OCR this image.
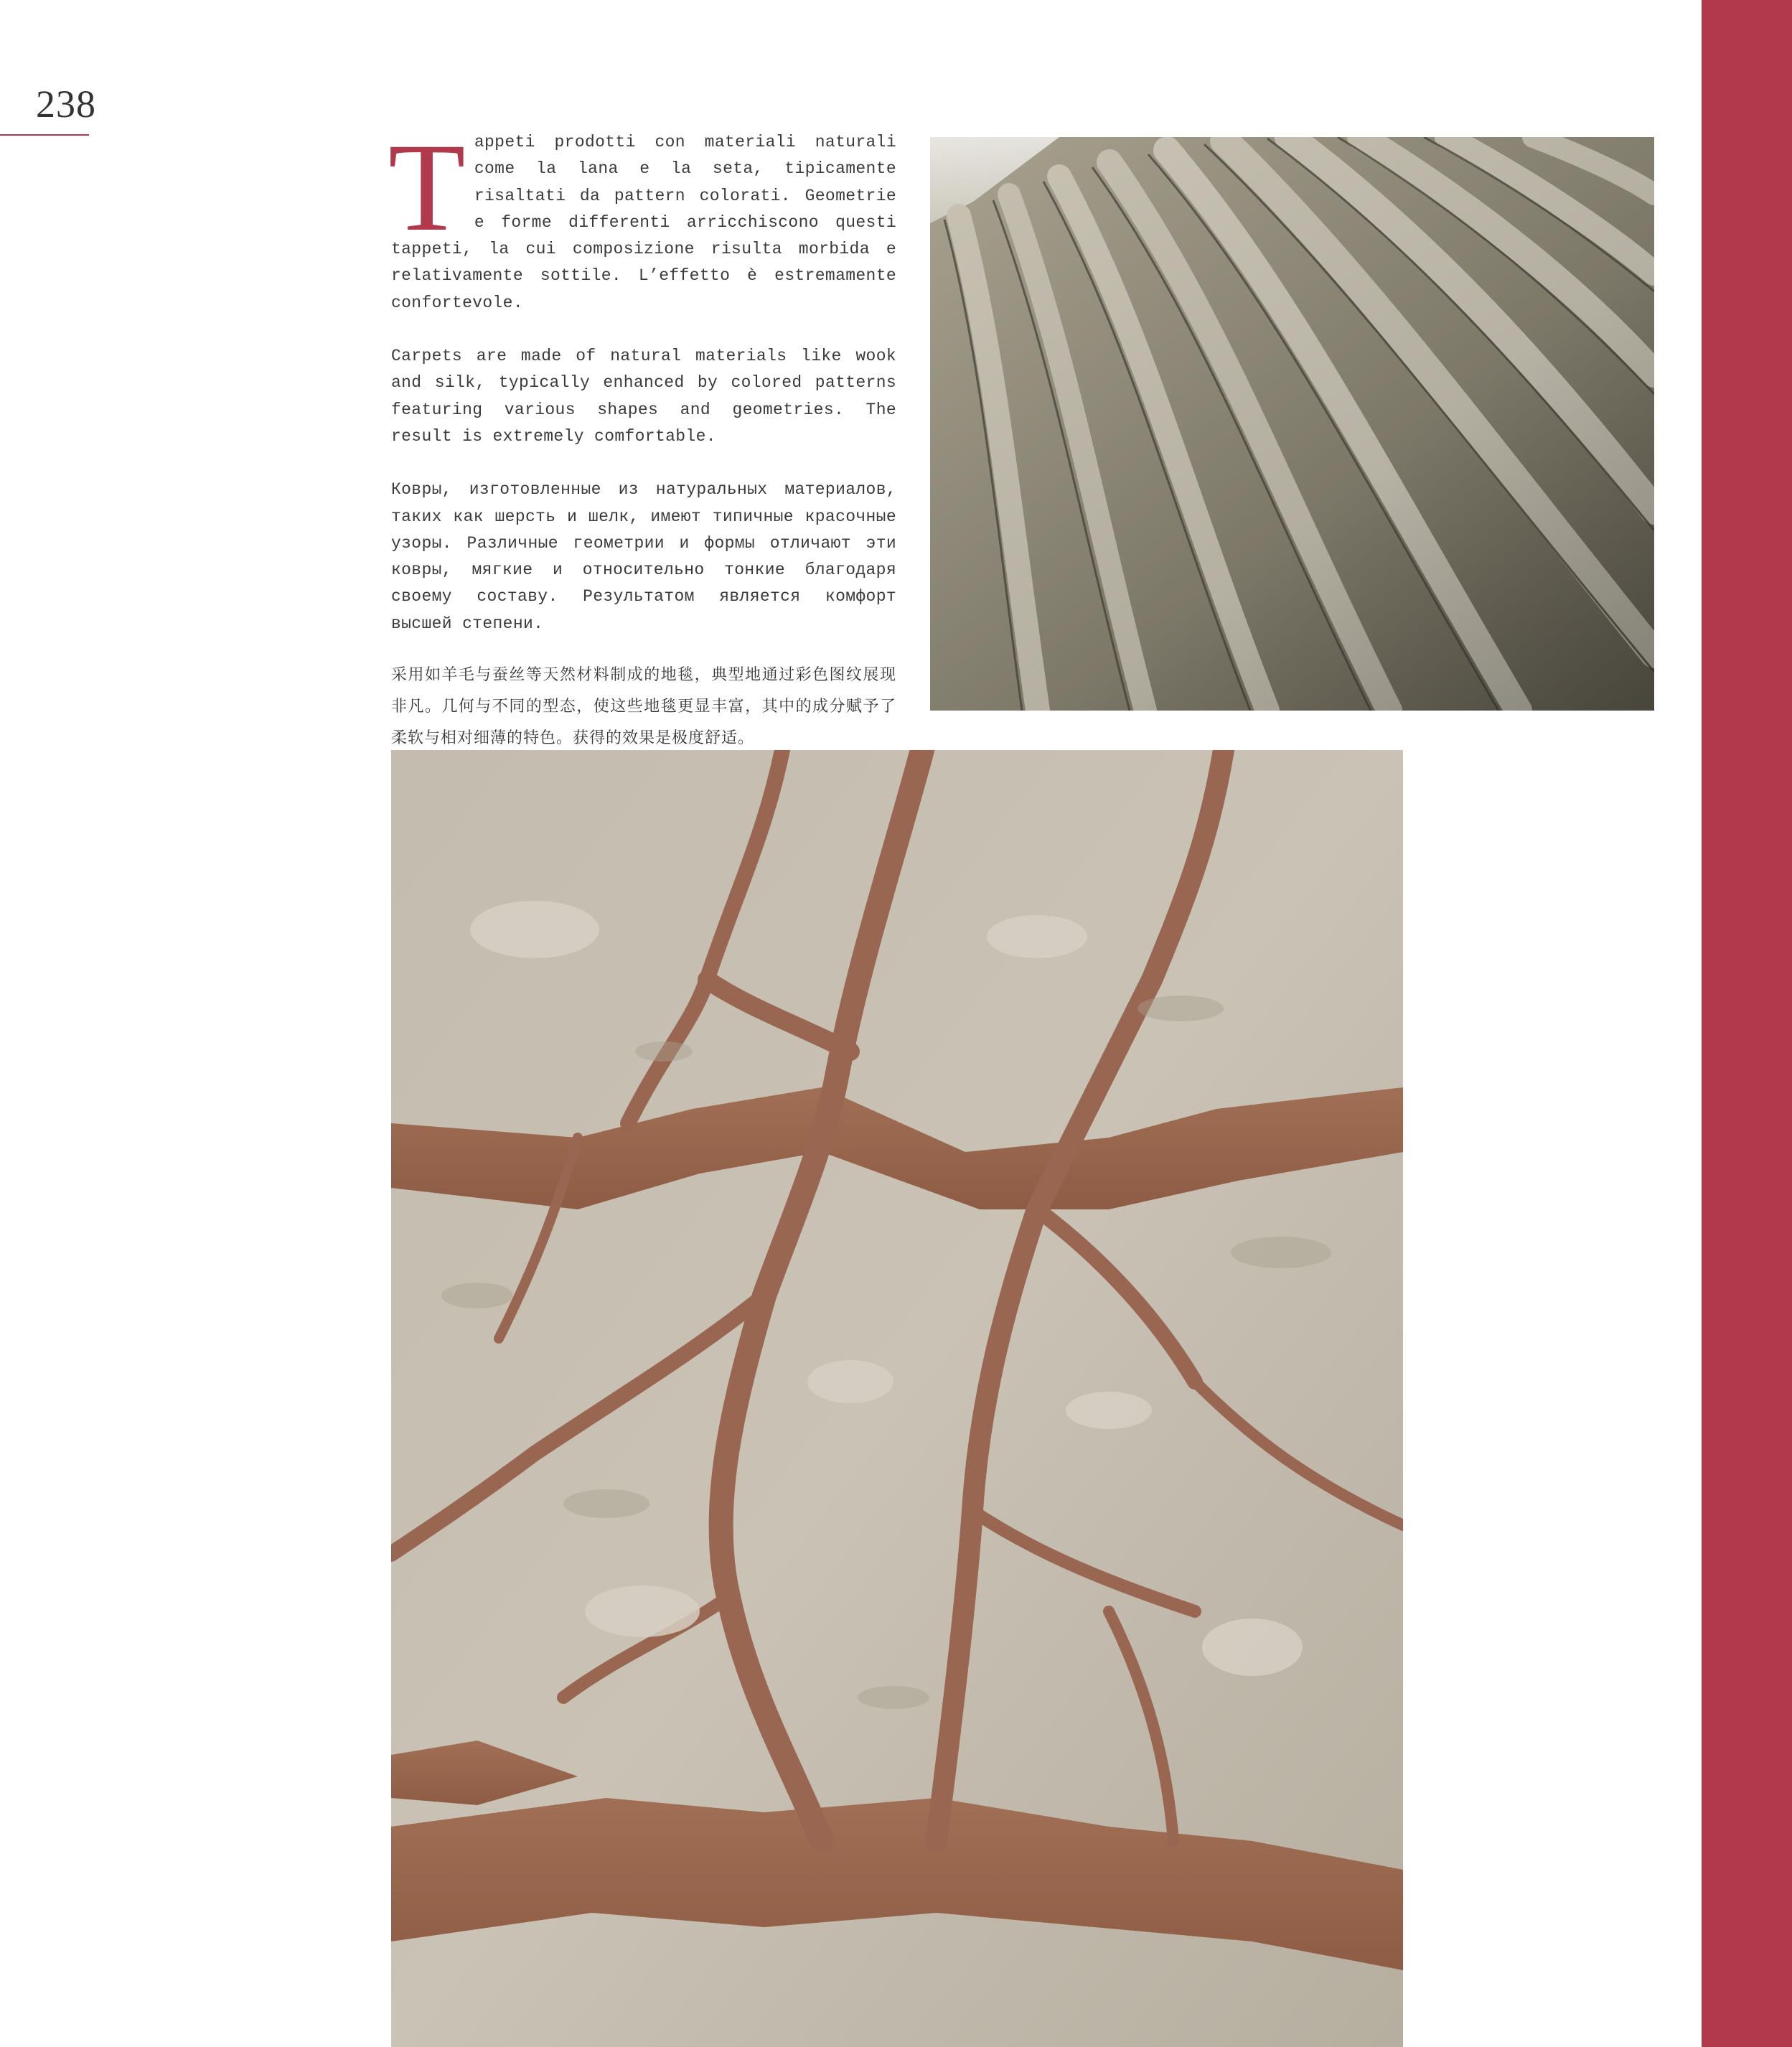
238

Tappeti prodotti con materiali naturali come la lana e la seta, tipicamente risaltati da pattern colorati. Geometrie e forme differenti arricchiscono questi tappeti, la cui composizione risulta morbida e relativamente sottile. L’effetto è estremamente confortevole.

Carpets are made of natural materials like wook and silk, typically enhanced by colored patterns featuring various shapes and geometries. The result is extremely comfortable.

Ковры, изготовленные из натуральных материалов, таких как шерсть и шелк, имеют типичные красочные узоры. Различные геометрии и формы отличают эти ковры, мягкие и относительно тонкие благодаря своему составу. Результатом является комфорт высшей степени.

采用如羊毛与蚕丝等天然材料制成的地毯，典型地通过彩色图纹展现非凡。几何与不同的型态，使这些地毯更显丰富，其中的成分赋予了柔软与相对细薄的特色。获得的效果是极度舒适。
